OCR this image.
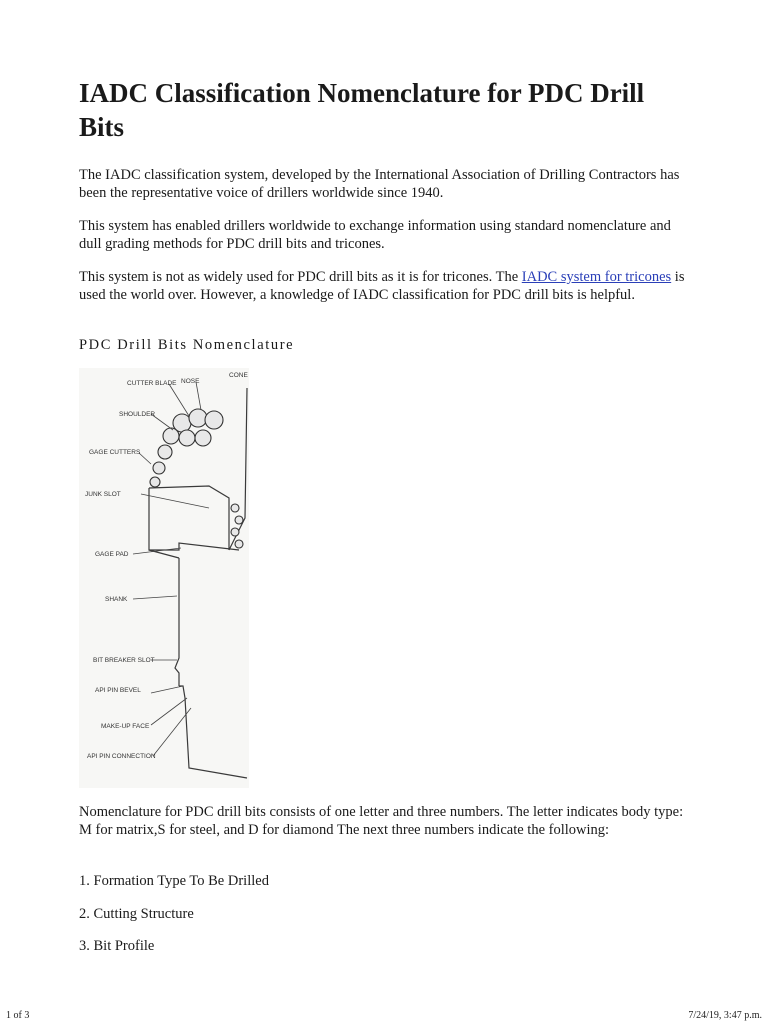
IADC Classification Nomenclature for PDC Drill Bits

The IADC classification system, developed by the International Association of Drilling Contractors has been the representative voice of drillers worldwide since 1940.

This system has enabled drillers worldwide to exchange information using standard nomenclature and dull grading methods for PDC drill bits and tricones.

This system is not as widely used for PDC drill bits as it is for tricones. The IADC system for tricones is used the world over. However, a knowledge of IADC classification for PDC drill bits is helpful.

PDC Drill Bits Nomenclature

CONE
CUTTER BLADE NOSE
SHOULDER
GAGE CUTTERS
JUNK SLOT
GAGE PAD
SHANK
BIT BREAKER SLOT
API PIN BEVEL
MAKE-UP FACE
API PIN CONNECTION

Nomenclature for PDC drill bits consists of one letter and three numbers. The letter indicates body type: M for matrix,S for steel, and D for diamond The next three numbers indicate the following:

1. Formation Type To Be Drilled

2. Cutting Structure

3. Bit Profile

1 of 3	7/24/19, 3:47 p.m.
